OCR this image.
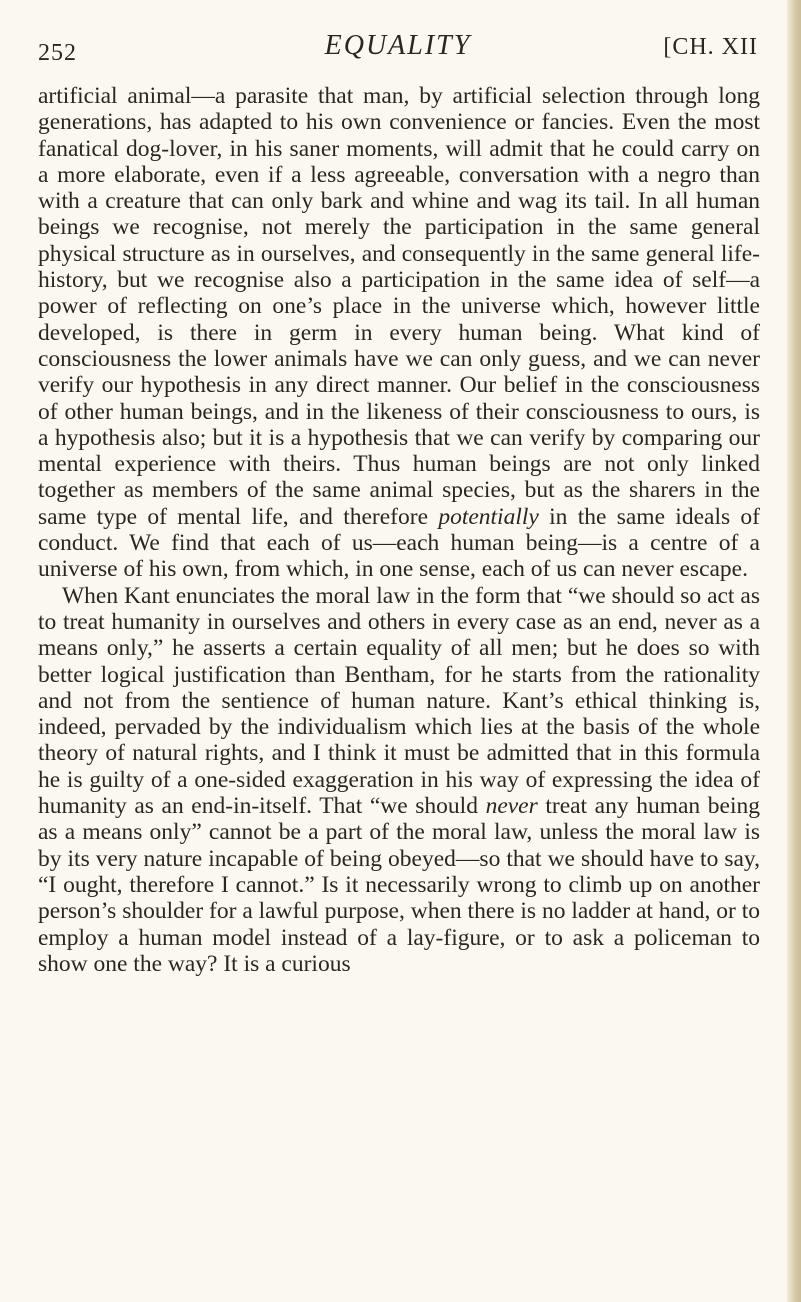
252	EQUALITY	[CH. XII

artificial animal—a parasite that man, by artificial selection through long generations, has adapted to his own convenience or fancies. Even the most fanatical dog-lover, in his saner moments, will admit that he could carry on a more elaborate, even if a less agreeable, conversation with a negro than with a creature that can only bark and whine and wag its tail. In all human beings we recognise, not merely the participation in the same general physical structure as in ourselves, and consequently in the same general life-history, but we recognise also a participation in the same idea of self—a power of reflecting on one’s place in the universe which, however little developed, is there in germ in every human being. What kind of consciousness the lower animals have we can only guess, and we can never verify our hypothesis in any direct manner. Our belief in the consciousness of other human beings, and in the likeness of their consciousness to ours, is a hypothesis also; but it is a hypothesis that we can verify by comparing our mental experience with theirs. Thus human beings are not only linked together as members of the same animal species, but as the sharers in the same type of mental life, and therefore potentially in the same ideals of conduct. We find that each of us—each human being—is a centre of a universe of his own, from which, in one sense, each of us can never escape.

When Kant enunciates the moral law in the form that “we should so act as to treat humanity in ourselves and others in every case as an end, never as a means only,” he asserts a certain equality of all men; but he does so with better logical justification than Bentham, for he starts from the rationality and not from the sentience of human nature. Kant’s ethical thinking is, indeed, pervaded by the individualism which lies at the basis of the whole theory of natural rights, and I think it must be admitted that in this formula he is guilty of a one-sided exaggeration in his way of expressing the idea of humanity as an end-in-itself. That “we should never treat any human being as a means only” cannot be a part of the moral law, unless the moral law is by its very nature incapable of being obeyed—so that we should have to say, “I ought, therefore I cannot.” Is it necessarily wrong to climb up on another person’s shoulder for a lawful purpose, when there is no ladder at hand, or to employ a human model instead of a lay-figure, or to ask a policeman to show one the way? It is a curious
